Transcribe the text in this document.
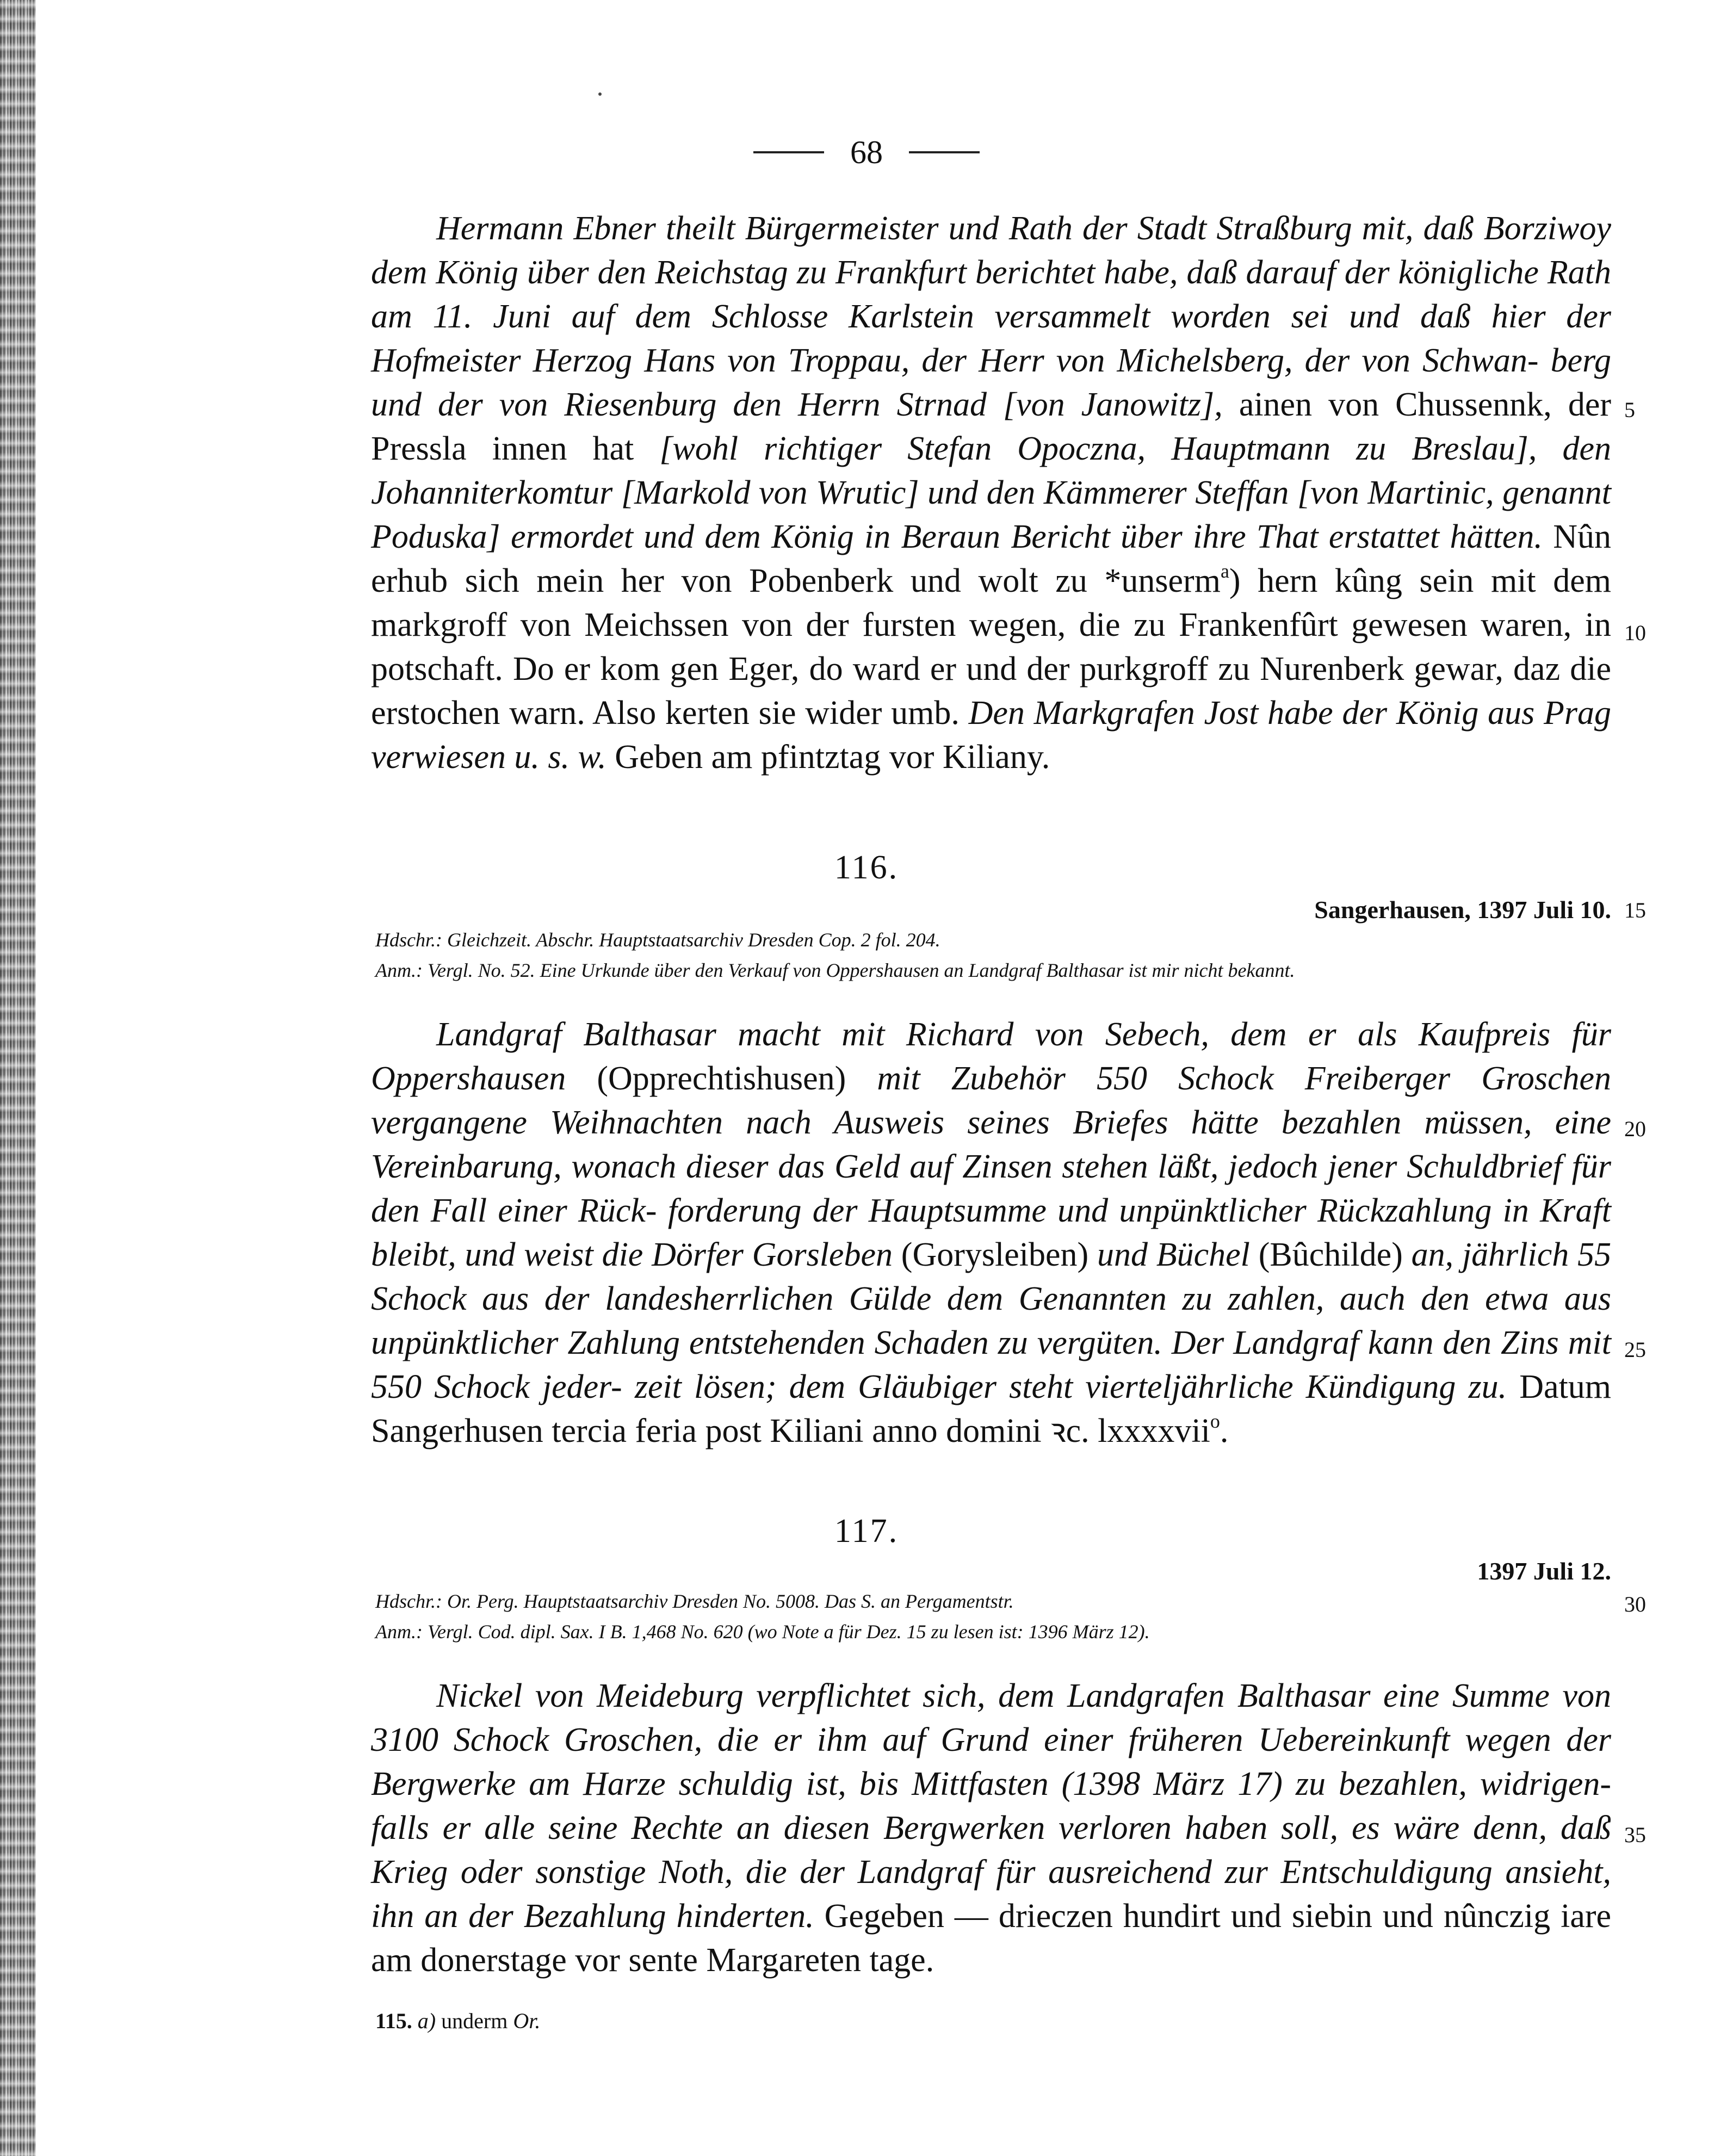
68

Hermann Ebner theilt Bürgermeister und Rath der Stadt Straßburg mit, daß Borziwoy dem König über den Reichstag zu Frankfurt berichtet habe, daß darauf der königliche Rath am 11. Juni auf dem Schlosse Karlstein versammelt worden sei und daß hier der Hofmeister Herzog Hans von Troppau, der Herr von Michelsberg, der von Schwan- berg und der von Riesenburg den Herrn Strnad [von Janowitz], ainen von Chussennk, der Pressla innen hat [wohl richtiger Stefan Opoczna, Hauptmann zu Breslau], den Johanniterkomtur [Markold von Wrutic] und den Kämmerer Steffan [von Martinic, genannt Poduska] ermordet und dem König in Beraun Bericht über ihre That erstattet hätten. Nûn erhub sich mein her von Pobenberk und wolt zu *unserm$^a$) hern kûng sein mit dem markgroff von Meichssen von der fursten wegen, die zu Frankenfûrt gewesen waren, in potschaft. Do er kom gen Eger, do ward er und der purkgroff zu Nurenberk gewar, daz die erstochen warn. Also kerten sie wider umb. Den Markgrafen Jost habe der König aus Prag verwiesen u. s. w. Geben am pfintztag vor Kiliany.

116.
Sangerhausen, 1397 Juli 10.
Hdschr.: Gleichzeit. Abschr. Hauptstaatsarchiv Dresden Cop. 2 fol. 204.
Anm.: Vergl. No. 52. Eine Urkunde über den Verkauf von Oppershausen an Landgraf Balthasar ist mir nicht bekannt.

Landgraf Balthasar macht mit Richard von Sebech, dem er als Kaufpreis für Oppershausen (Opprechtishusen) mit Zubehör 550 Schock Freiberger Groschen vergangene Weihnachten nach Ausweis seines Briefes hätte bezahlen müssen, eine Vereinbarung, wonach dieser das Geld auf Zinsen stehen läßt, jedoch jener Schuldbrief für den Fall einer Rück- forderung der Hauptsumme und unpünktlicher Rückzahlung in Kraft bleibt, und weist die Dörfer Gorsleben (Gorysleiben) und Büchel (Bûchilde) an, jährlich 55 Schock aus der landesherrlichen Gülde dem Genannten zu zahlen, auch den etwa aus unpünktlicher Zahlung entstehenden Schaden zu vergüten. Der Landgraf kann den Zins mit 550 Schock jeder- zeit lösen; dem Gläubiger steht vierteljährliche Kündigung zu. Datum Sangerhusen tercia feria post Kiliani anno domini ꝛc. lxxxxvii$^o$.

117.
1397 Juli 12.
Hdschr.: Or. Perg. Hauptstaatsarchiv Dresden No. 5008. Das S. an Pergamentstr.
Anm.: Vergl. Cod. dipl. Sax. I B. 1,468 No. 620 (wo Note a für Dez. 15 zu lesen ist: 1396 März 12).

Nickel von Meideburg verpflichtet sich, dem Landgrafen Balthasar eine Summe von 3100 Schock Groschen, die er ihm auf Grund einer früheren Uebereinkunft wegen der Bergwerke am Harze schuldig ist, bis Mittfasten (1398 März 17) zu bezahlen, widrigen- falls er alle seine Rechte an diesen Bergwerken verloren haben soll, es wäre denn, daß Krieg oder sonstige Noth, die der Landgraf für ausreichend zur Entschuldigung ansieht, ihn an der Bezahlung hinderten. Gegeben — drieczen hundirt und siebin und nûnczig iare am donerstage vor sente Margareten tage.

5
10
15
20
25
30
35
115. a) underm Or.
